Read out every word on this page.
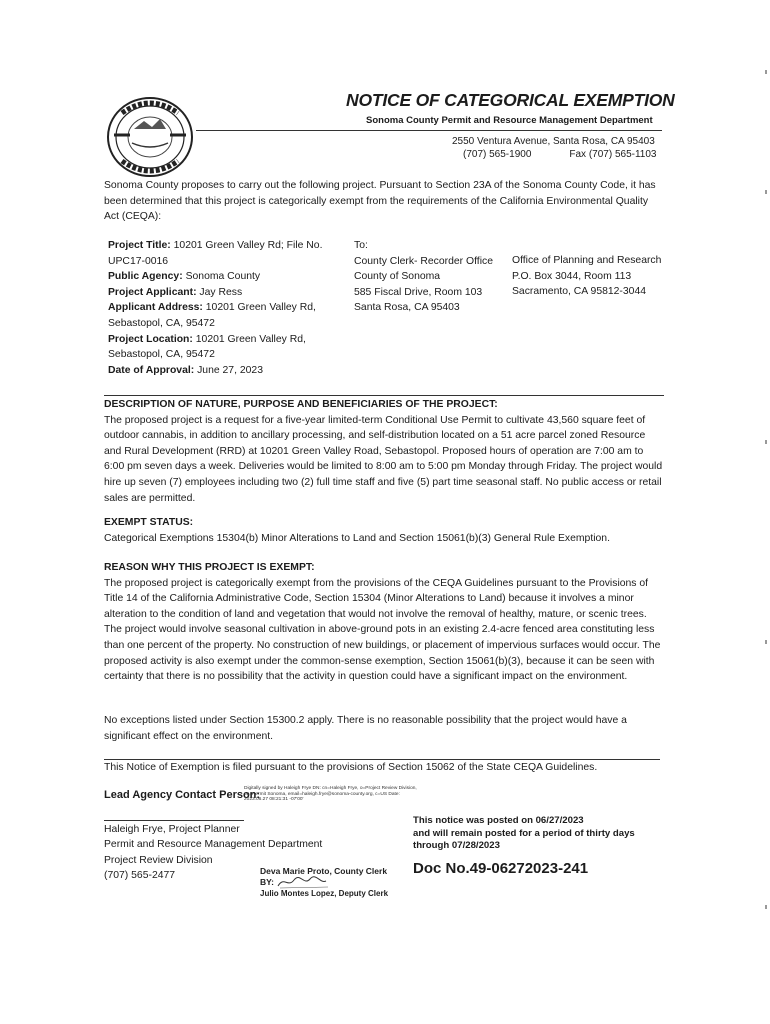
NOTICE OF CATEGORICAL EXEMPTION
Sonoma County Permit and Resource Management Department
2550 Ventura Avenue, Santa Rosa, CA 95403
(707) 565-1900	Fax (707) 565-1103
Sonoma County proposes to carry out the following project. Pursuant to Section 23A of the Sonoma County Code, it has been determined that this project is categorically exempt from the requirements of the California Environmental Quality Act (CEQA):
Project Title: 10201 Green Valley Rd; File No. UPC17-0016
Public Agency: Sonoma County
Project Applicant: Jay Ress
Applicant Address: 10201 Green Valley Rd, Sebastopol, CA, 95472
Project Location: 10201 Green Valley Rd, Sebastopol, CA, 95472
Date of Approval: June 27, 2023
To:
County Clerk- Recorder Office
County of Sonoma
585 Fiscal Drive, Room 103
Santa Rosa, CA 95403
Office of Planning and Research
P.O. Box 3044, Room 113
Sacramento, CA 95812-3044
DESCRIPTION OF NATURE, PURPOSE AND BENEFICIARIES OF THE PROJECT:
The proposed project is a request for a five-year limited-term Conditional Use Permit to cultivate 43,560 square feet of outdoor cannabis, in addition to ancillary processing, and self-distribution located on a 51 acre parcel zoned Resource and Rural Development (RRD) at 10201 Green Valley Road, Sebastopol. Proposed hours of operation are 7:00 am to 6:00 pm seven days a week. Deliveries would be limited to 8:00 am to 5:00 pm Monday through Friday. The project would hire up seven (7) employees including two (2) full time staff and five (5) part time seasonal staff. No public access or retail sales are permitted.
EXEMPT STATUS:
Categorical Exemptions 15304(b) Minor Alterations to Land and Section 15061(b)(3) General Rule Exemption.
REASON WHY THIS PROJECT IS EXEMPT:
The proposed project is categorically exempt from the provisions of the CEQA Guidelines pursuant to the Provisions of Title 14 of the California Administrative Code, Section 15304 (Minor Alterations to Land) because it involves a minor alteration to the condition of land and vegetation that would not involve the removal of healthy, mature, or scenic trees. The project would involve seasonal cultivation in above-ground pots in an existing 2.4-acre fenced area constituting less than one percent of the property. No construction of new buildings, or placement of impervious surfaces would occur. The proposed activity is also exempt under the common-sense exemption, Section 15061(b)(3), because it can be seen with certainty that there is no possibility that the activity in question could have a significant impact on the environment.
No exceptions listed under Section 15300.2 apply. There is no reasonable possibility that the project would have a significant effect on the environment.
This Notice of Exemption is filed pursuant to the provisions of Section 15062 of the State CEQA Guidelines.
Lead Agency Contact Person:
Digitally signed by Haleigh Frye DN: cn=Haleigh Frye, o=Project Review Division, ou=Permit Sonoma, email=haleigh.frye@sonoma-county.org, c=US Date: 2023.06.27 08:21:31 -07'00'
Haleigh Frye, Project Planner
Permit and Resource Management Department
Project Review Division
(707) 565-2477	Deva Marie Proto, County Clerk
BY:
Julio Montes Lopez, Deputy Clerk
This notice was posted on 06/27/2023
and will remain posted for a period of thirty days
through 07/28/2023
Doc No.49-06272023-241
